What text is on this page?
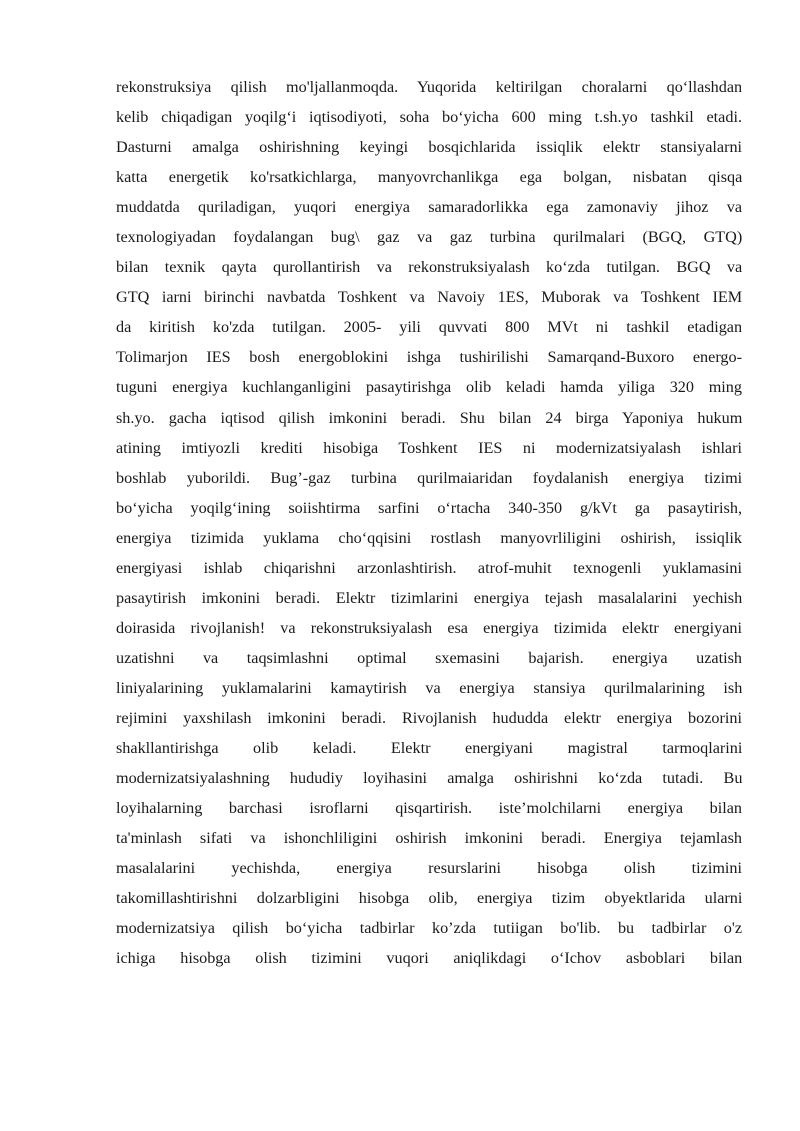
rekonstruksiya qilish mo'ljallanmoqda. Yuqorida keltirilgan choralarni qo‘llashdan
kelib chiqadigan yoqilg‘i iqtisodiyoti, soha bo‘yicha 600 ming t.sh.yo tashkil etadi.
Dasturni amalga oshirishning keyingi bosqichlarida issiqlik elektr stansiyalarni
katta energetik ko'rsatkichlarga, manyovrchanlikga ega bolgan, nisbatan qisqa
muddatda quriladigan, yuqori energiya samaradorlikka ega zamonaviy jihoz va
texnologiyadan foydalangan bug\ gaz va gaz turbina qurilmalari (BGQ, GTQ)
bilan texnik qayta qurollantirish va rekonstruksiyalash ko‘zda tutilgan. BGQ va
GTQ iarni birinchi navbatda Toshkent va Navoiy 1ES, Muborak va Toshkent IEM
da kiritish ko'zda tutilgan. 2005- yili quvvati 800 MVt ni tashkil etadigan
Tolimarjon IES bosh energoblokini ishga tushirilishi Samarqand-Buxoro energo-
tuguni energiya kuchlanganligini pasaytirishga olib keladi hamda yiliga 320 ming
sh.yo. gacha iqtisod qilish imkonini beradi. Shu bilan 24 birga Yaponiya hukum
atining imtiyozli krediti hisobiga Toshkent IES ni modernizatsiyalash ishlari
boshlab yuborildi. Bug’-gaz turbina qurilmaiaridan foydalanish energiya tizimi
bo‘yicha yoqilg‘ining soiishtirma sarfini o‘rtacha 340-350 g/kVt ga pasaytirish,
energiya tizimida yuklama cho‘qqisini rostlash manyovrliligini oshirish, issiqlik
energiyasi ishlab chiqarishni arzonlashtirish. atrof-muhit texnogenli yuklamasini
pasaytirish imkonini beradi. Elektr tizimlarini energiya tejash masalalarini yechish
doirasida rivojlanish! va rekonstruksiyalash esa energiya tizimida elektr energiyani
uzatishni va taqsimlashni optimal sxemasini bajarish. energiya uzatish
liniyalarining yuklamalarini kamaytirish va energiya stansiya qurilmalarining ish
rejimini yaxshilash imkonini beradi. Rivojlanish hududda elektr energiya bozorini
shakllantirishga olib keladi. Elektr energiyani magistral tarmoqlarini
modernizatsiyalashning hududiy loyihasini amalga oshirishni ko‘zda tutadi. Bu
loyihalarning barchasi isroflarni qisqartirish. iste’molchilarni energiya bilan
ta'minlash sifati va ishonchliligini oshirish imkonini beradi. Energiya tejamlash
masalalarini yechishda, energiya resurslarini hisobga olish tizimini
takomillashtirishni dolzarbligini hisobga olib, energiya tizim obyektlarida ularni
modernizatsiya qilish bo‘yicha tadbirlar ko’zda tutiigan bo'lib. bu tadbirlar o'z
ichiga hisobga olish tizimini vuqori aniqlikdagi o‘Ichov asboblari bilan
